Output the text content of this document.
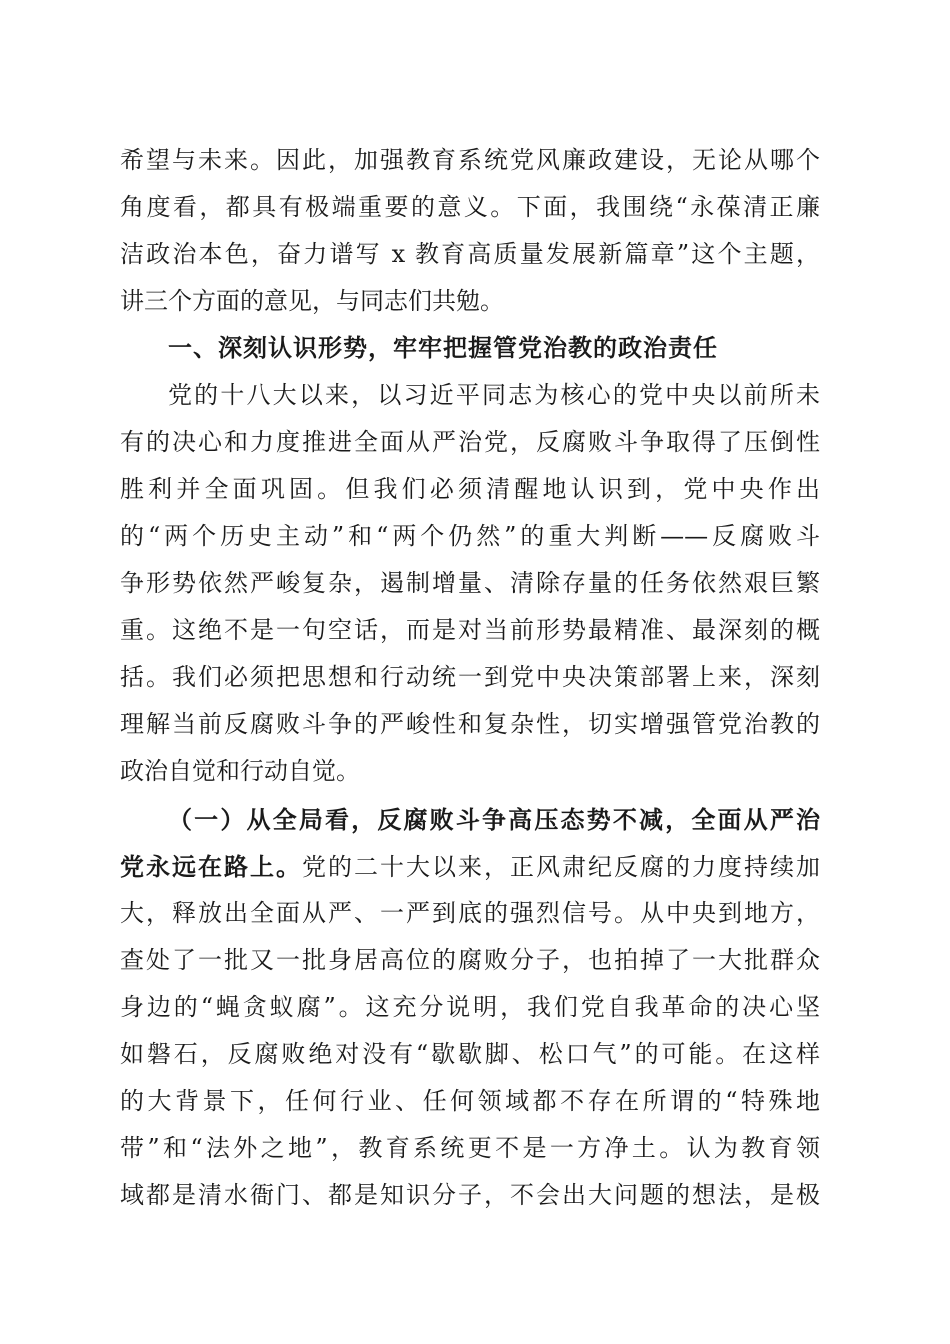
希望与未来。因此，加强教育系统党风廉政建设，无论从哪个
角度看，都具有极端重要的意义。下面，我围绕“永葆清正廉
洁政治本色，奋力谱写 x 教育高质量发展新篇章”这个主题，
讲三个方面的意见，与同志们共勉。
一、深刻认识形势，牢牢把握管党治教的政治责任
党的十八大以来，以习近平同志为核心的党中央以前所未
有的决心和力度推进全面从严治党，反腐败斗争取得了压倒性
胜利并全面巩固。但我们必须清醒地认识到，党中央作出
的“两个历史主动”和“两个仍然”的重大判断——反腐败斗
争形势依然严峻复杂，遏制增量、清除存量的任务依然艰巨繁
重。这绝不是一句空话，而是对当前形势最精准、最深刻的概
括。我们必须把思想和行动统一到党中央决策部署上来，深刻
理解当前反腐败斗争的严峻性和复杂性，切实增强管党治教的
政治自觉和行动自觉。
（一）从全局看，反腐败斗争高压态势不减，全面从严治
党永远在路上。党的二十大以来，正风肃纪反腐的力度持续加
大，释放出全面从严、一严到底的强烈信号。从中央到地方，
查处了一批又一批身居高位的腐败分子，也拍掉了一大批群众
身边的“蝇贪蚁腐”。这充分说明，我们党自我革命的决心坚
如磐石，反腐败绝对没有“歇歇脚、松口气”的可能。在这样
的大背景下，任何行业、任何领域都不存在所谓的“特殊地
带”和“法外之地”，教育系统更不是一方净土。认为教育领
域都是清水衙门、都是知识分子，不会出大问题的想法，是极
